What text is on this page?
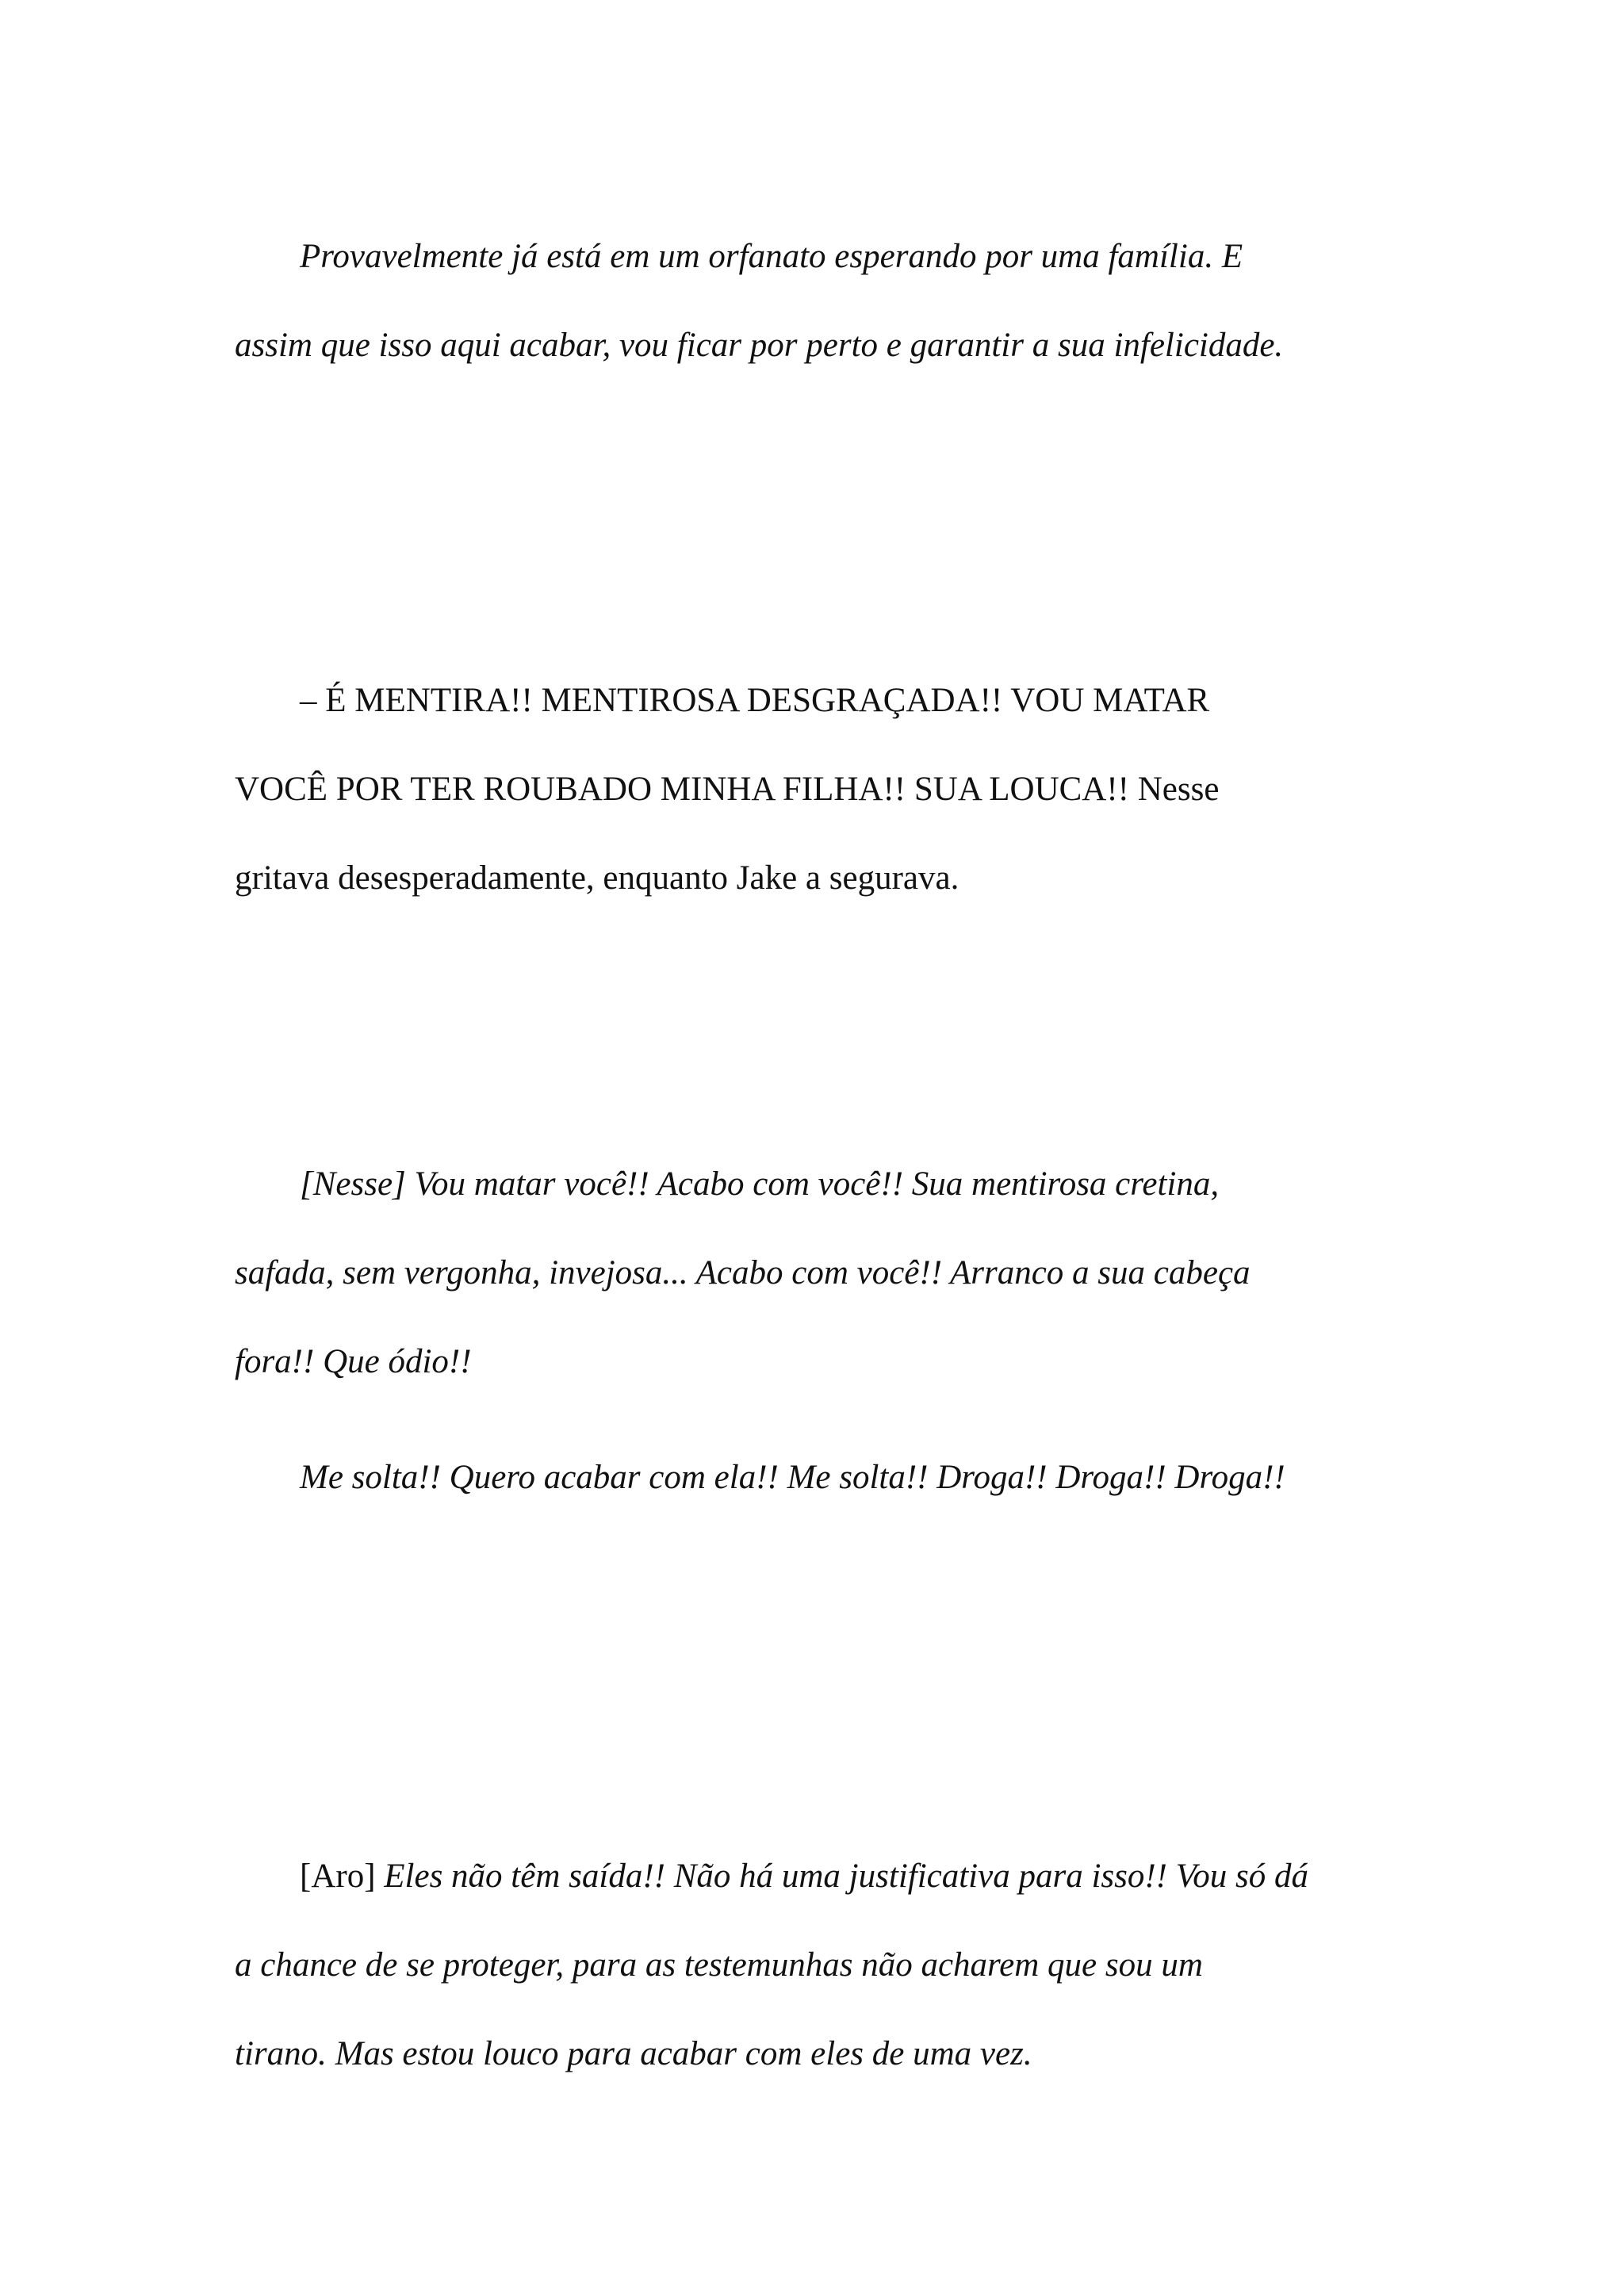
Provavelmente já está em um orfanato esperando por uma família. E

assim que isso aqui acabar, vou ficar por perto e garantir a sua infelicidade.

– É MENTIRA!! MENTIROSA DESGRAÇADA!! VOU MATAR

VOCÊ POR TER ROUBADO MINHA FILHA!! SUA LOUCA!! Nesse

gritava desesperadamente, enquanto Jake a segurava.

[Nesse] Vou matar você!! Acabo com você!! Sua mentirosa cretina,

safada, sem vergonha, invejosa... Acabo com você!! Arranco a sua cabeça

fora!! Que ódio!!

Me solta!! Quero acabar com ela!! Me solta!! Droga!! Droga!! Droga!!

[Aro] Eles não têm saída!! Não há uma justificativa para isso!! Vou só dá

a chance de se proteger, para as testemunhas não acharem que sou um

tirano. Mas estou louco para acabar com eles de uma vez.
